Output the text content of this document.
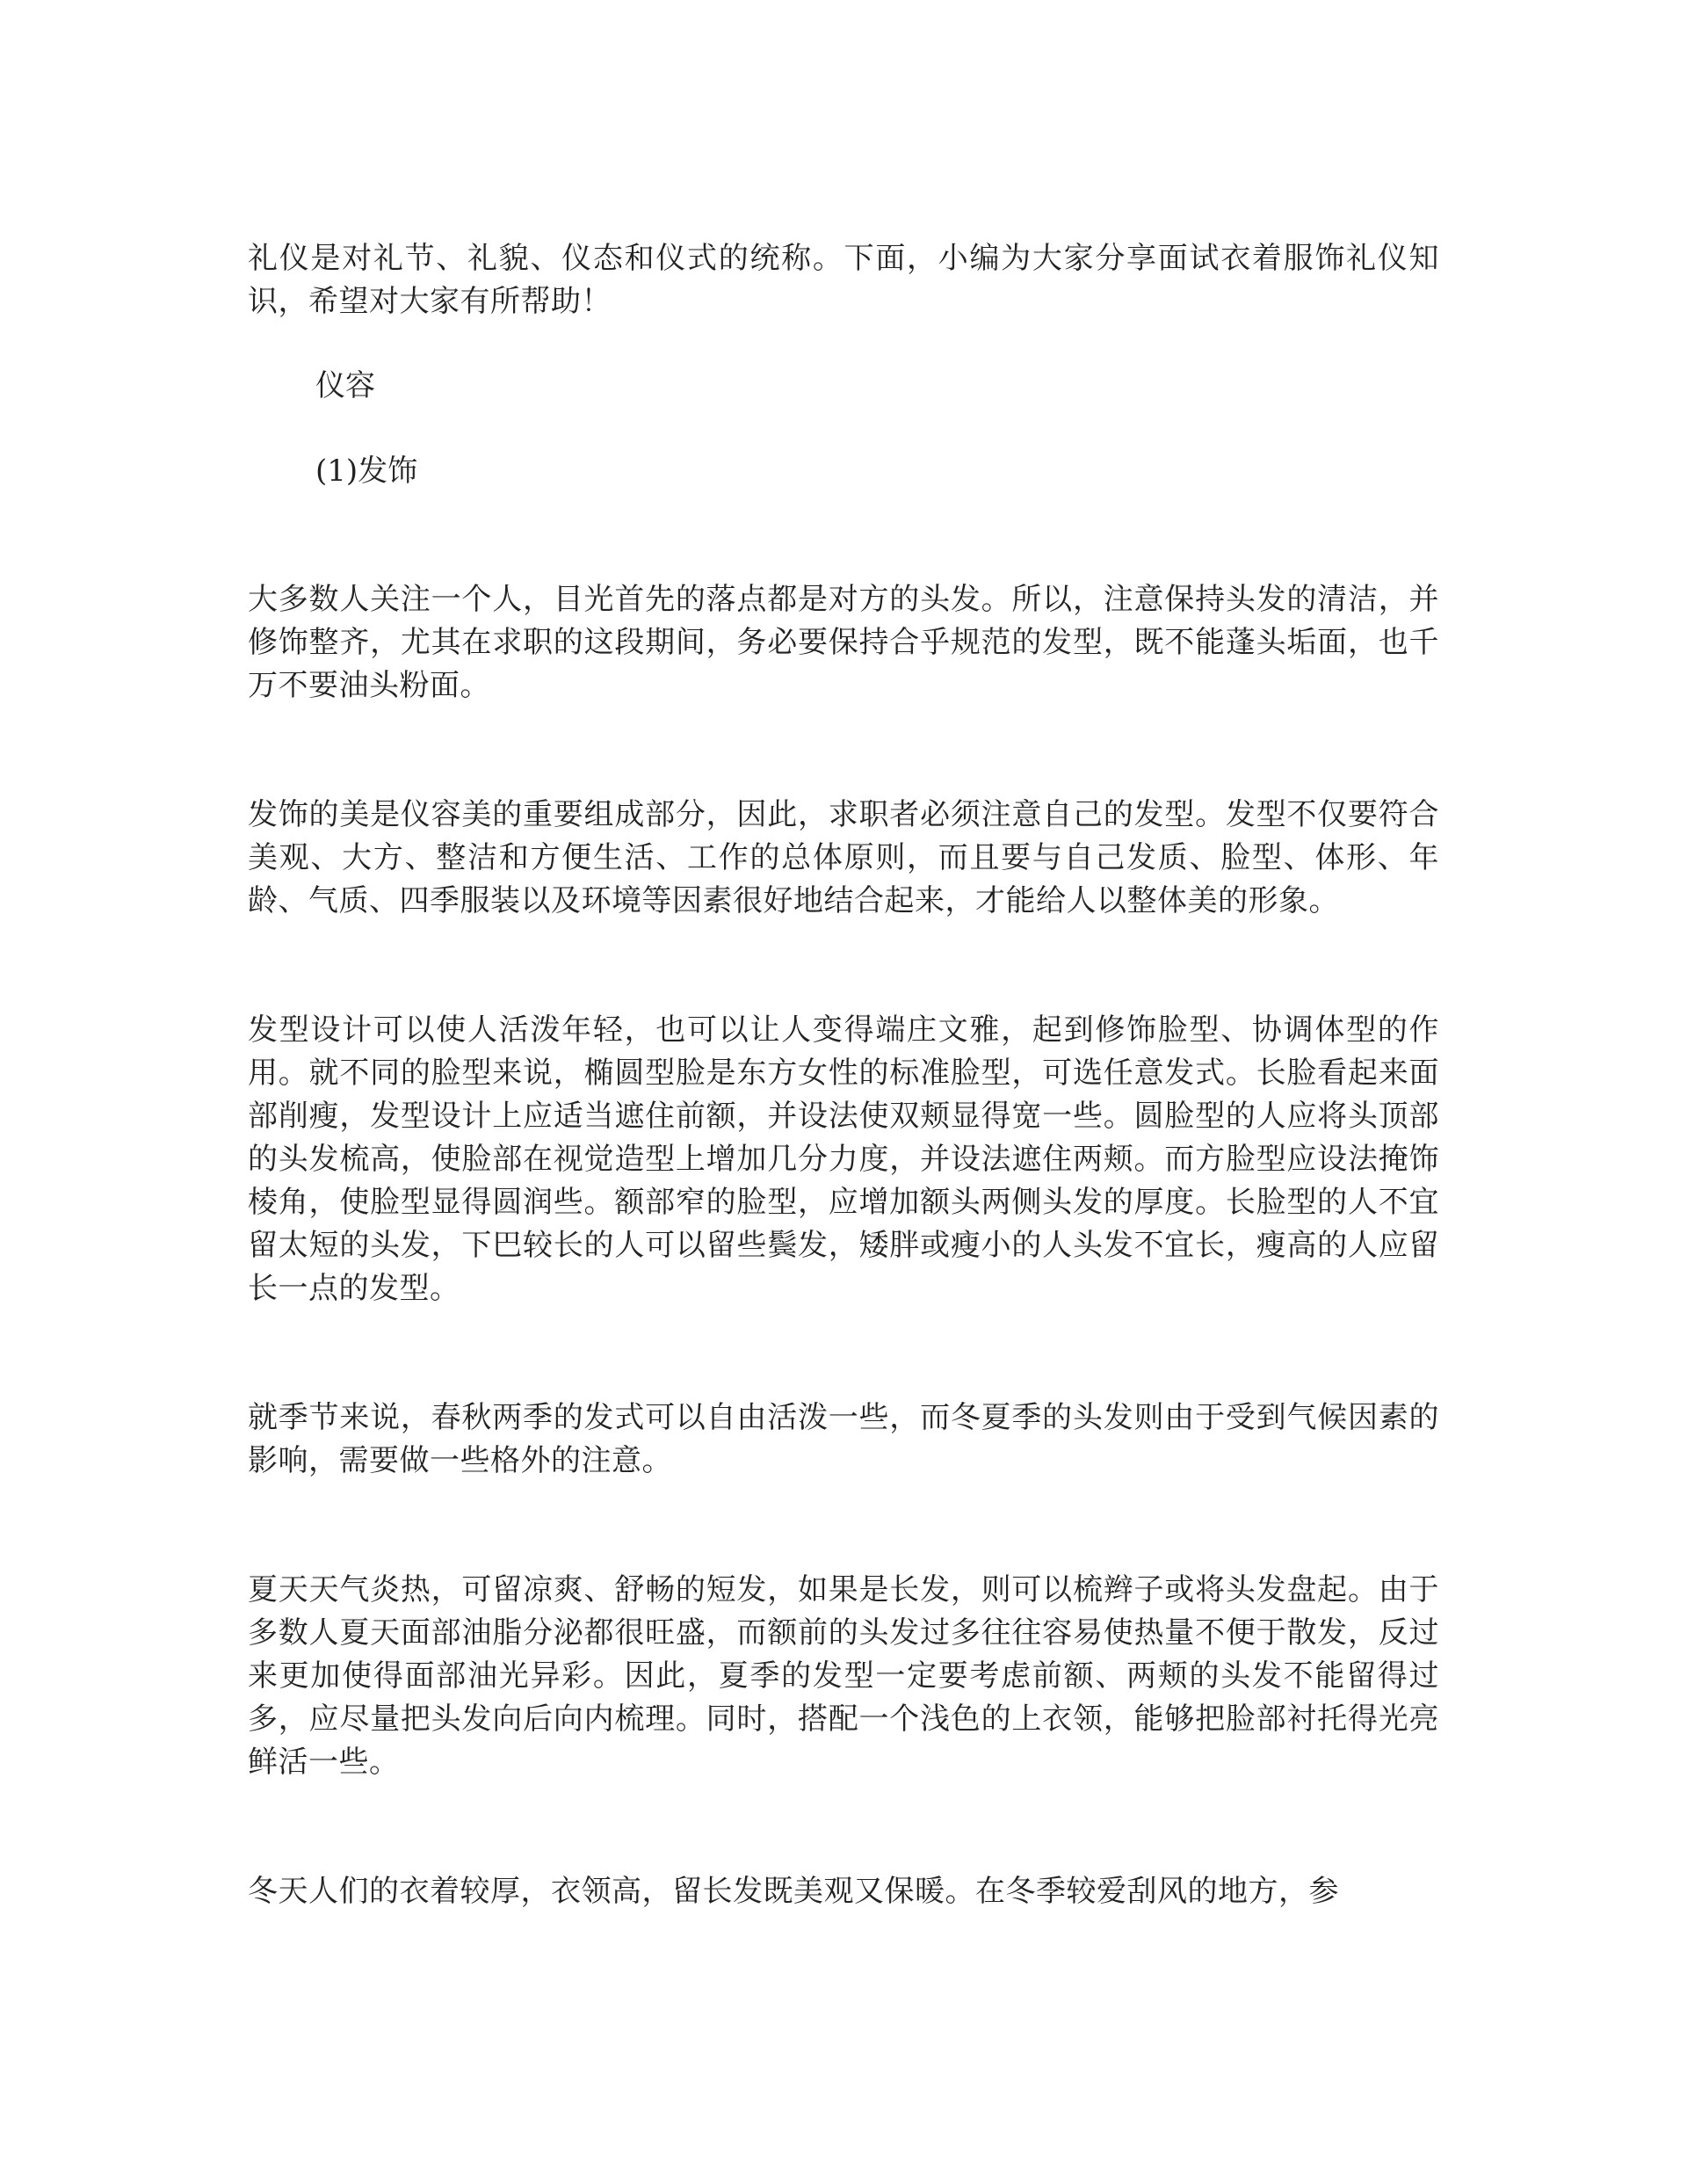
礼仪是对礼节、礼貌、仪态和仪式的统称。下面，小编为大家分享面试衣着服饰礼仪知识，希望对大家有所帮助！

仪容

(1)发饰

大多数人关注一个人，目光首先的落点都是对方的头发。所以，注意保持头发的清洁，并修饰整齐，尤其在求职的这段期间，务必要保持合乎规范的发型，既不能蓬头垢面，也千万不要油头粉面。

发饰的美是仪容美的重要组成部分，因此，求职者必须注意自己的发型。发型不仅要符合美观、大方、整洁和方便生活、工作的总体原则，而且要与自己发质、脸型、体形、年龄、气质、四季服装以及环境等因素很好地结合起来，才能给人以整体美的形象。

发型设计可以使人活泼年轻，也可以让人变得端庄文雅，起到修饰脸型、协调体型的作用。就不同的脸型来说，椭圆型脸是东方女性的标准脸型，可选任意发式。长脸看起来面部削瘦，发型设计上应适当遮住前额，并设法使双颊显得宽一些。圆脸型的人应将头顶部的头发梳高，使脸部在视觉造型上增加几分力度，并设法遮住两颊。而方脸型应设法掩饰棱角，使脸型显得圆润些。额部窄的脸型，应增加额头两侧头发的厚度。长脸型的人不宜留太短的头发，下巴较长的人可以留些鬓发，矮胖或瘦小的人头发不宜长，瘦高的人应留长一点的发型。

就季节来说，春秋两季的发式可以自由活泼一些，而冬夏季的头发则由于受到气候因素的影响，需要做一些格外的注意。

夏天天气炎热，可留凉爽、舒畅的短发，如果是长发，则可以梳辫子或将头发盘起。由于多数人夏天面部油脂分泌都很旺盛，而额前的头发过多往往容易使热量不便于散发，反过来更加使得面部油光异彩。因此，夏季的发型一定要考虑前额、两颊的头发不能留得过多，应尽量把头发向后向内梳理。同时，搭配一个浅色的上衣领，能够把脸部衬托得光亮鲜活一些。

冬天人们的衣着较厚，衣领高，留长发既美观又保暖。在冬季较爱刮风的地方，参
